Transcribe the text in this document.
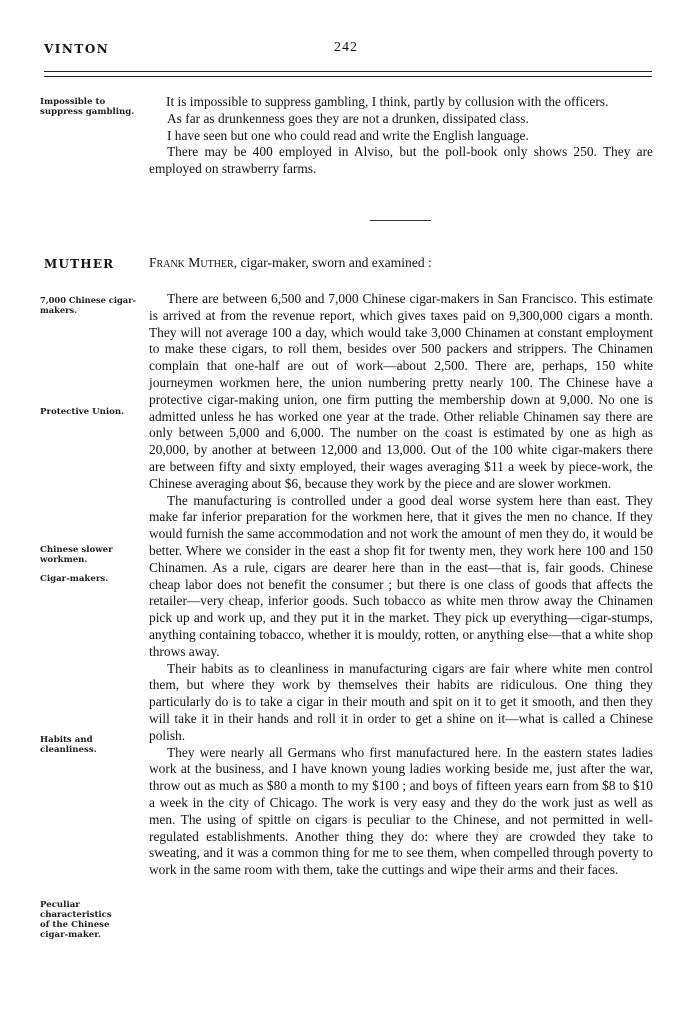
VINTON	242
Impossible to suppress gambling.

It is impossible to suppress gambling, I think, partly by collusion with the officers.

As far as drunkenness goes they are not a drunken, dissipated class.

I have seen but one who could read and write the English language.

There may be 400 employed in Alviso, but the poll-book only shows 250. They are employed on strawberry farms.

MUTHER	Frank Muther, cigar-maker, sworn and examined :
7,000 Chinese cigar-makers.
Protective Union.
Chinese slower workmen.
Cigar-makers.
Habits and cleanliness.
Peculiar characteristics of the Chinese cigar-maker.

There are between 6,500 and 7,000 Chinese cigar-makers in San Francisco. This estimate is arrived at from the revenue report, which gives taxes paid on 9,300,000 cigars a month. They will not average 100 a day, which would take 3,000 Chinamen at constant employment to make these cigars, to roll them, besides over 500 packers and strippers. The Chinamen complain that one-half are out of work—about 2,500. There are, perhaps, 150 white journeymen workmen here, the union numbering pretty nearly 100. The Chinese have a protective cigar-making union, one firm putting the membership down at 9,000. No one is admitted unless he has worked one year at the trade. Other reliable Chinamen say there are only between 5,000 and 6,000. The number on the coast is estimated by one as high as 20,000, by another at between 12,000 and 13,000. Out of the 100 white cigar-makers there are between fifty and sixty employed, their wages averaging $11 a week by piece-work, the Chinese averaging about $6, because they work by the piece and are slower workmen.

The manufacturing is controlled under a good deal worse system here than east. They make far inferior preparation for the workmen here, that it gives the men no chance. If they would furnish the same accommodation and not work the amount of men they do, it would be better. Where we consider in the east a shop fit for twenty men, they work here 100 and 150 Chinamen. As a rule, cigars are dearer here than in the east—that is, fair goods. Chinese cheap labor does not benefit the consumer ; but there is one class of goods that affects the retailer—very cheap, inferior goods. Such tobacco as white men throw away the Chinamen pick up and work up, and they put it in the market. They pick up everything—cigar-stumps, anything containing tobacco, whether it is mouldy, rotten, or anything else—that a white shop throws away.

Their habits as to cleanliness in manufacturing cigars are fair where white men control them, but where they work by themselves their habits are ridiculous. One thing they particularly do is to take a cigar in their mouth and spit on it to get it smooth, and then they will take it in their hands and roll it in order to get a shine on it—what is called a Chinese polish.

They were nearly all Germans who first manufactured here. In the eastern states ladies work at the business, and I have known young ladies working beside me, just after the war, throw out as much as $80 a month to my $100 ; and boys of fifteen years earn from $8 to $10 a week in the city of Chicago. The work is very easy and they do the work just as well as men. The using of spittle on cigars is peculiar to the Chinese, and not permitted in well-regulated establishments. Another thing they do: where they are crowded they take to sweating, and it was a common thing for me to see them, when compelled through poverty to work in the same room with them, take the cuttings and wipe their arms and their faces.
